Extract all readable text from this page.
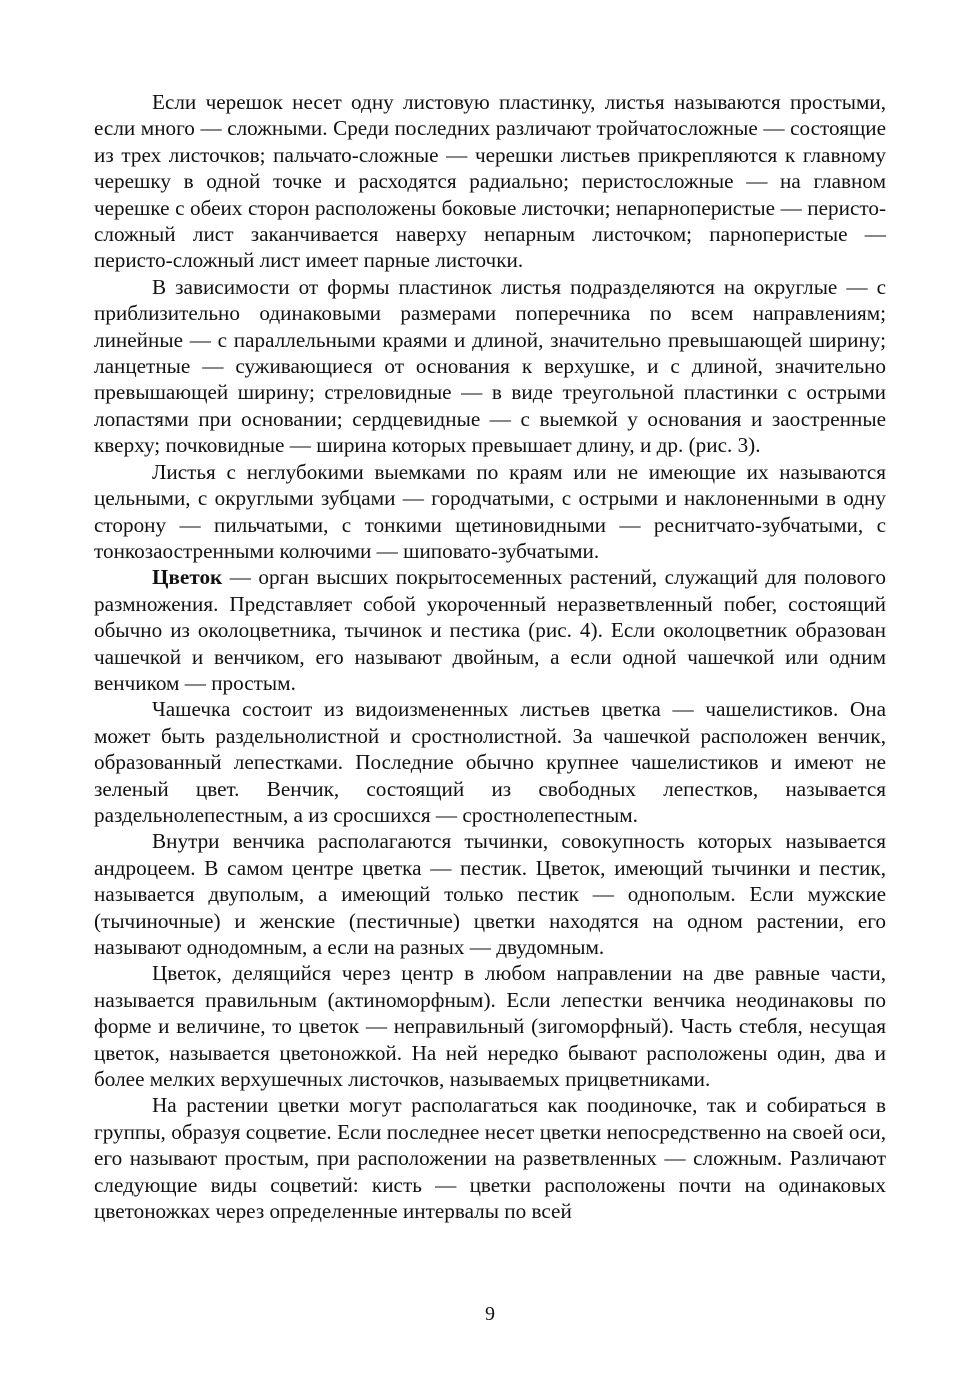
Если черешок несет одну листовую пластинку, листья называются простыми, если много — сложными. Среди последних различают тройчатосложные — состоящие из трех листочков; пальчато-сложные — черешки листьев прикрепляются к главному черешку в одной точке и расходятся радиально; перистосложные — на главном черешке с обеих сторон расположены боковые листочки; непарноперистые — перисто-сложный лист заканчивается наверху непарным листочком; парноперистые — перисто-сложный лист имеет парные листочки.

В зависимости от формы пластинок листья подразделяются на округлые — с приблизительно одинаковыми размерами поперечника по всем направлениям; линейные — с параллельными краями и длиной, значительно превышающей ширину; ланцетные — суживающиеся от основания к верхушке, и с длиной, значительно превышающей ширину; стреловидные — в виде треугольной пластинки с острыми лопастями при основании; сердцевидные — с выемкой у основания и заостренные кверху; почковидные — ширина которых превышает длину, и др. (рис. 3).

Листья с неглубокими выемками по краям или не имеющие их называются цельными, с округлыми зубцами — городчатыми, с острыми и наклоненными в одну сторону — пильчатыми, с тонкими щетиновидными — реснитчато-зубчатыми, с тонкозаостренными колючими — шиповато-зубчатыми.

Цветок — орган высших покрытосеменных растений, служащий для полового размножения. Представляет собой укороченный неразветвленный побег, состоящий обычно из околоцветника, тычинок и пестика (рис. 4). Если околоцветник образован чашечкой и венчиком, его называют двойным, а если одной чашечкой или одним венчиком — простым.

Чашечка состоит из видоизмененных листьев цветка — чашелистиков. Она может быть раздельнолистной и сростнолистной. За чашечкой расположен венчик, образованный лепестками. Последние обычно крупнее чашелистиков и имеют не зеленый цвет. Венчик, состоящий из свободных лепестков, называется раздельнолепестным, а из сросшихся — сростнолепестным.

Внутри венчика располагаются тычинки, совокупность которых называется андроцеем. В самом центре цветка — пестик. Цветок, имеющий тычинки и пестик, называется двуполым, а имеющий только пестик — однополым. Если мужские (тычиночные) и женские (пестичные) цветки находятся на одном растении, его называют однодомным, а если на разных — двудомным.

Цветок, делящийся через центр в любом направлении на две равные части, называется правильным (актиноморфным). Если лепестки венчика неодинаковы по форме и величине, то цветок — неправильный (зигоморфный). Часть стебля, несущая цветок, называется цветоножкой. На ней нередко бывают расположены один, два и более мелких верхушечных листочков, называемых прицветниками.

На растении цветки могут располагаться как поодиночке, так и собираться в группы, образуя соцветие. Если последнее несет цветки непосредственно на своей оси, его называют простым, при расположении на разветвленных — сложным. Различают следующие виды соцветий: кисть — цветки расположены почти на одинаковых цветоножках через определенные интервалы по всей

9
